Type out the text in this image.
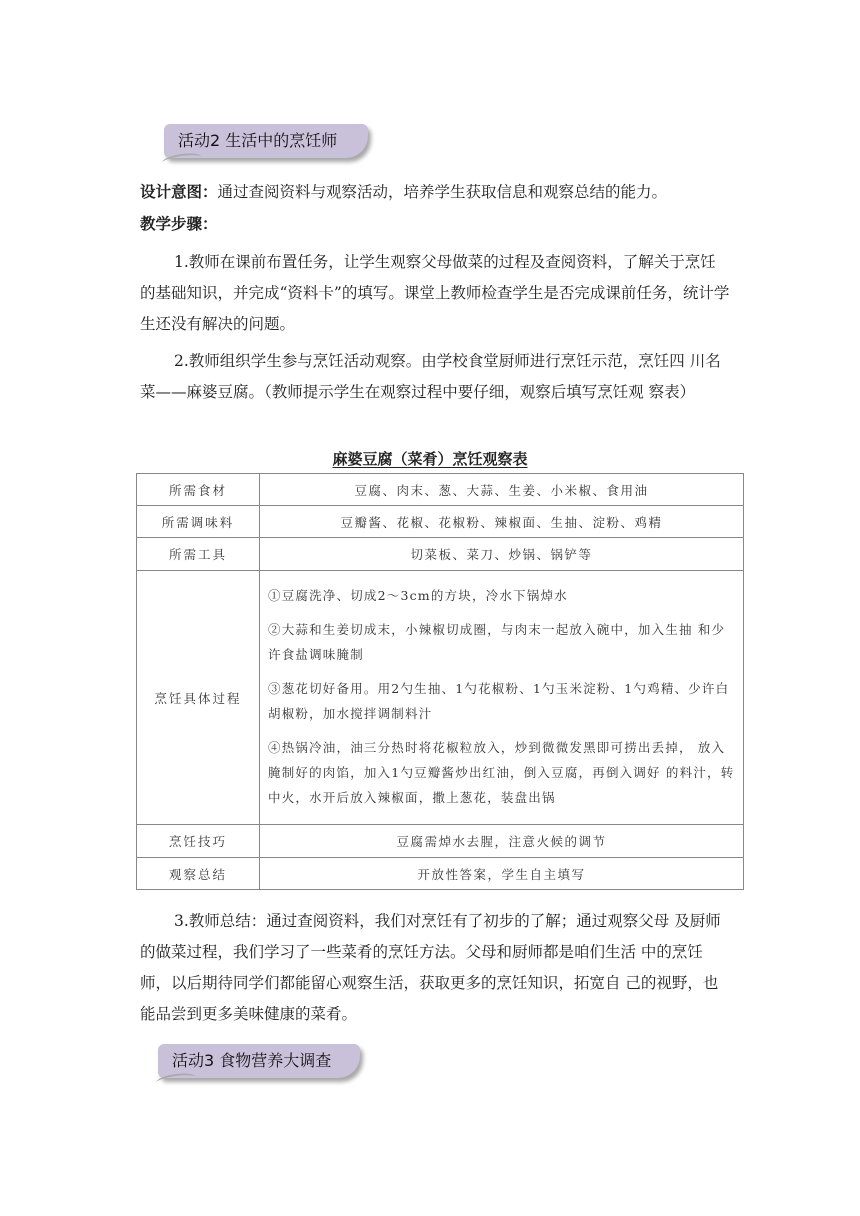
活动2 生活中的烹饪师

设计意图：通过查阅资料与观察活动，培养学生获取信息和观察总结的能力。

教学步骤：

1.教师在课前布置任务，让学生观察父母做菜的过程及查阅资料，了解关于烹饪的基础知识，并完成“资料卡”的填写。课堂上教师检查学生是否完成课前任务，统计学生还没有解决的问题。

2.教师组织学生参与烹饪活动观察。由学校食堂厨师进行烹饪示范，烹饪四 川名菜——麻婆豆腐。（教师提示学生在观察过程中要仔细，观察后填写烹饪观 察表）

麻婆豆腐（菜肴）烹饪观察表
所需食材	豆腐、肉末、葱、大蒜、生姜、小米椒、食用油
所需调味料	豆瓣酱、花椒、花椒粉、辣椒面、生抽、淀粉、鸡精
所需工具	切菜板、菜刀、炒锅、锅铲等
烹饪具体过程	①豆腐洗净、切成2～3cm的方块，冷水下锅焯水

②大蒜和生姜切成末，小辣椒切成圈，与肉末一起放入碗中，加入生抽 和少许食盐调味腌制

③葱花切好备用。用2勺生抽、1勺花椒粉、1勺玉米淀粉、1勺鸡精、少许白胡椒粉，加水搅拌调制料汁

④热锅冷油，油三分热时将花椒粒放入，炒到微微发黑即可捞出丢掉， 放入腌制好的肉馅，加入1勺豆瓣酱炒出红油，倒入豆腐，再倒入调好 的料汁，转中火，水开后放入辣椒面，撒上葱花，装盘出锅

烹饪技巧	豆腐需焯水去腥，注意火候的调节
观察总结	开放性答案，学生自主填写

3.教师总结：通过查阅资料，我们对烹饪有了初步的了解；通过观察父母 及厨师的做菜过程，我们学习了一些菜肴的烹饪方法。父母和厨师都是咱们生活 中的烹饪师，以后期待同学们都能留心观察生活，获取更多的烹饪知识，拓宽自 己的视野，也能品尝到更多美味健康的菜肴。

活动3 食物营养大调查
